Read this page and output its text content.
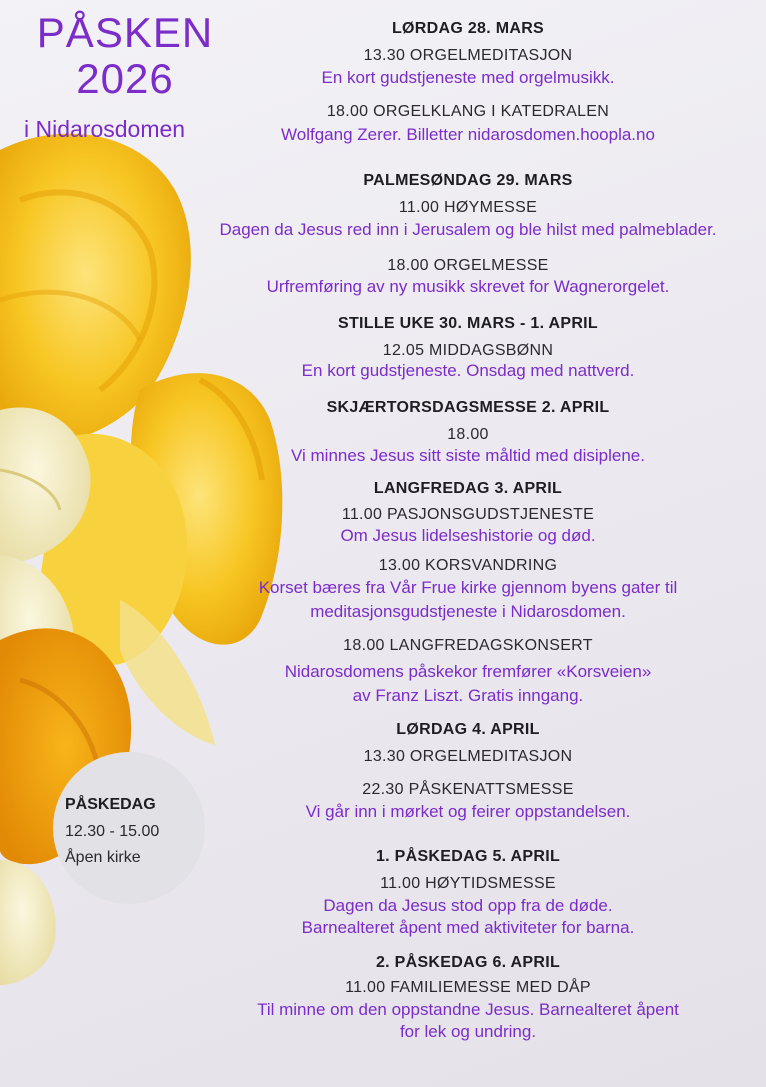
PÅSKEN
2026
i Nidarosdomen
LØRDAG 28. MARS
13.30 ORGELMEDITASJON
En kort gudstjeneste med orgelmusikk.
18.00 ORGELKLANG I KATEDRALEN
Wolfgang Zerer. Billetter nidarosdomen.hoopla.no
PALMESØNDAG 29. MARS
11.00 HØYMESSE
Dagen da Jesus red inn i Jerusalem og ble hilst med palmeblader.
18.00 ORGELMESSE
Urfremføring av ny musikk skrevet for Wagnerorgelet.
STILLE UKE 30. MARS - 1. APRIL
12.05 MIDDAGSBØNN
En kort gudstjeneste. Onsdag med nattverd.
SKJÆRTORSDAGSMESSE 2. APRIL
18.00
Vi minnes Jesus sitt siste måltid med disiplene.
LANGFREDAG 3. APRIL
11.00 PASJONSGUDSTJENESTE
Om Jesus lidelseshistorie og død.
13.00 KORSVANDRING
Korset bæres fra Vår Frue kirke gjennom byens gater til
meditasjonsgudstjeneste i Nidarosdomen.
18.00 LANGFREDAGSKONSERT
Nidarosdomens påskekor fremfører «Korsveien»
av Franz Liszt. Gratis inngang.
LØRDAG 4. APRIL
13.30 ORGELMEDITASJON
22.30 PÅSKENATTSMESSE
Vi går inn i mørket og feirer oppstandelsen.
1. PÅSKEDAG 5. APRIL
11.00 HØYTIDSMESSE
Dagen da Jesus stod opp fra de døde.
Barnealteret åpent med aktiviteter for barna.
2. PÅSKEDAG 6. APRIL
11.00 FAMILIEMESSE MED DÅP
Til minne om den oppstandne Jesus. Barnealteret åpent
for lek og undring.
PÅSKEDAG
12.30 - 15.00
Åpen kirke
